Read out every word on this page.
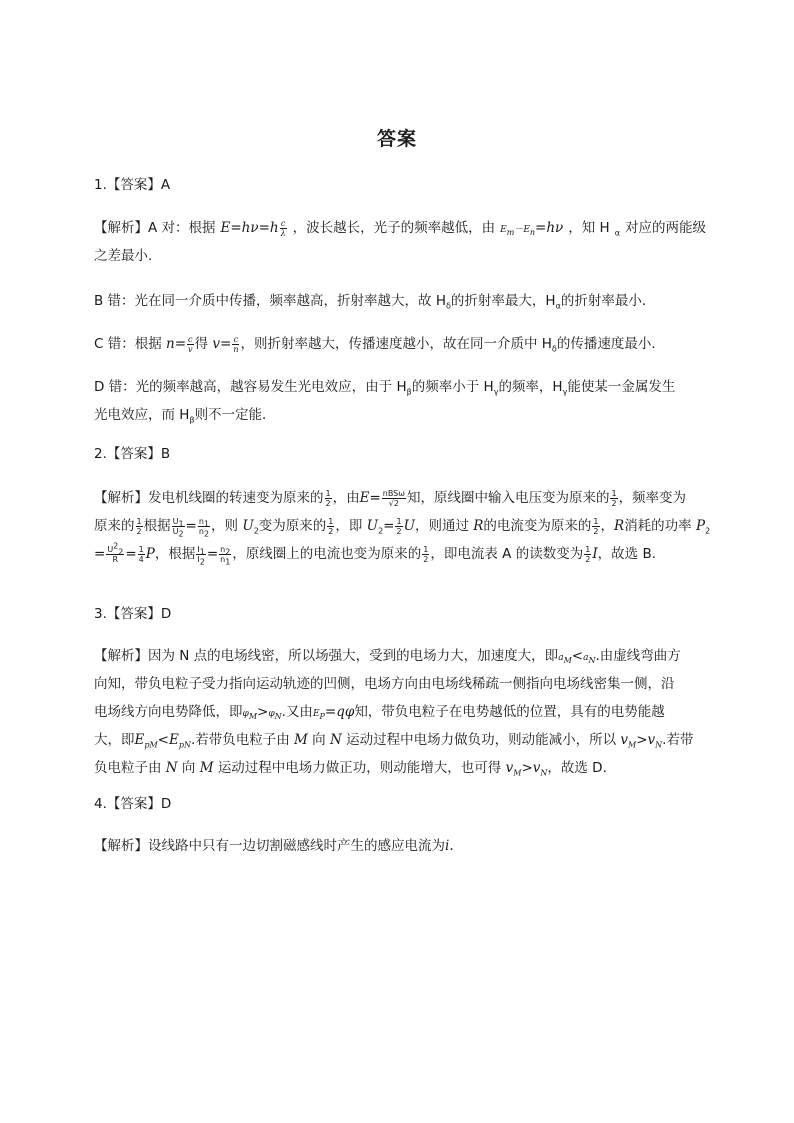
答案
1.【答案】A
【解析】A 对：根据 $E=h\nu=h \frac{c}{\lambda}$ ，波长越长，光子的频率越低，由 $E_m-E_n=h\nu$ ，知 H $_\alpha$ 对应的两能级
之差最小．
B 错：光在同一介质中传播，频率越高，折射率越大，故 $H_\delta$的折射率最大，$H_\alpha$的折射率最小．
C 错：根据 $n= \frac{c}{v}$ 得 $v= \frac{c}{n}$ ，则折射率越大，传播速度越小，故在同一介质中 $H_\delta$的传播速度最小．
D 错：光的频率越高，越容易发生光电效应，由于 $H_\beta$的频率小于 $H_\gamma$的频率，$H_\gamma$能使某一金属发生
光电效应，而 $H_\beta$则不一定能．
2.【答案】B
【解析】发电机线圈的转速变为原来的 $\frac{1}{2}$ ，由$E= \frac{\text{nBSω}}{√2}$ 知，原线圈中输入电压变为原来的 $\frac{1}{2}$ ，频率变为
原来的 $\frac{1}{2}$ 根据 $\frac{U_1}{U_2} = \frac{n_1}{n_2}$ ，则 $U_2$变为原来的 $\frac{1}{2}$ ，即 $U_2= \frac{1}{2}$ U，则通过 R的电流变为原来的 $\frac{1}{2}$ ，R消耗的功率 $P_2$
= $\frac{U^2_2}{R} = \frac{1}{4}$ P，根据 $\frac{I_1}{I_2} = \frac{n_2}{n_1}$ ，原线圈上的电流也变为原来的 $\frac{1}{2}$ ，即电流表 A 的读数变为 $\frac{1}{2}$ I，故选 B.
3.【答案】D
【解析】因为 N 点的电场线密，所以场强大，受到的电场力大，加速度大，即$a_M<a_N$.由虚线弯曲方
向知，带负电粒子受力指向运动轨迹的凹侧，电场方向由电场线稀疏一侧指向电场线密集一侧，沿
电场线方向电势降低，即$\varphi_M>\varphi_N$.又由$E_P=q\varphi$知，带负电粒子在电势越低的位置，具有的电势能越
大，即$E_{pM}<E_{pN}$.若带负电粒子由 M 向 N 运动过程中电场力做负功，则动能减小，所以 $v_M>v_N$.若带
负电粒子由 N 向 M 运动过程中电场力做正功，则动能增大，也可得 $v_M>v_N$，故选 D.
4.【答案】D
【解析】设线路中只有一边切割磁感线时产生的感应电流为i.
